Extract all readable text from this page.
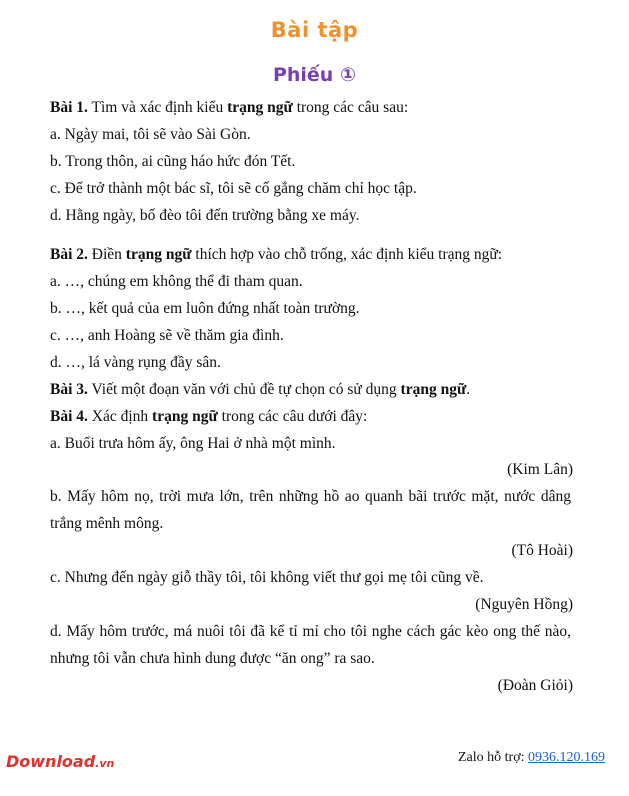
Bài tập
Phiếu ①
Bài 1. Tìm và xác định kiểu trạng ngữ trong các câu sau:
a. Ngày mai, tôi sẽ vào Sài Gòn.
b. Trong thôn, ai cũng háo hức đón Tết.
c. Để trở thành một bác sĩ, tôi sẽ cố gắng chăm chỉ học tập.
d. Hằng ngày, bố đèo tôi đến trường bằng xe máy.
Bài 2. Điền trạng ngữ thích hợp vào chỗ trống, xác định kiểu trạng ngữ:
a. …, chúng em không thể đi tham quan.
b. …, kết quả của em luôn đứng nhất toàn trường.
c. …, anh Hoàng sẽ về thăm gia đình.
d. …, lá vàng rụng đầy sân.
Bài 3. Viết một đoạn văn với chủ đề tự chọn có sử dụng trạng ngữ.
Bài 4. Xác định trạng ngữ trong các câu dưới đây:
a. Buổi trưa hôm ấy, ông Hai ở nhà một mình.
(Kim Lân)
b. Mấy hôm nọ, trời mưa lớn, trên những hồ ao quanh bãi trước mặt, nước dâng
trắng mênh mông.
(Tô Hoài)
c. Nhưng đến ngày giỗ thầy tôi, tôi không viết thư gọi mẹ tôi cũng về.
(Nguyên Hồng)
d. Mấy hôm trước, má nuôi tôi đã kể tỉ mỉ cho tôi nghe cách gác kèo ong thế nào,
nhưng tôi vẫn chưa hình dung được “ăn ong” ra sao.
(Đoàn Giỏi)
Download.vn	Zalo hỗ trợ: 0936.120.169
